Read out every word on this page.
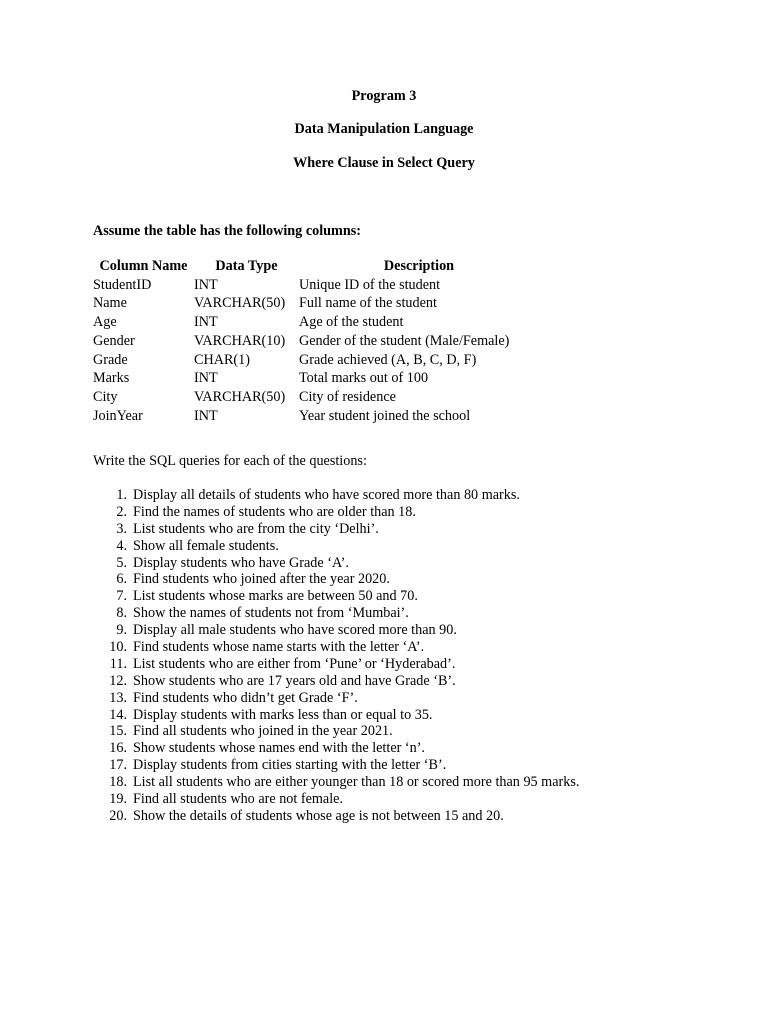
Program 3
Data Manipulation Language
Where Clause in Select Query
Assume the table has the following columns:
Column Name	Data Type	Description
StudentID	INT	Unique ID of the student
Name	VARCHAR(50)	Full name of the student
Age	INT	Age of the student
Gender	VARCHAR(10)	Gender of the student (Male/Female)
Grade	CHAR(1)	Grade achieved (A, B, C, D, F)
Marks	INT	Total marks out of 100
City	VARCHAR(50)	City of residence
JoinYear	INT	Year student joined the school
Write the SQL queries for each of the questions:
1. Display all details of students who have scored more than 80 marks.
2. Find the names of students who are older than 18.
3. List students who are from the city ‘Delhi’.
4. Show all female students.
5. Display students who have Grade ‘A’.
6. Find students who joined after the year 2020.
7. List students whose marks are between 50 and 70.
8. Show the names of students not from ‘Mumbai’.
9. Display all male students who have scored more than 90.
10. Find students whose name starts with the letter ‘A’.
11. List students who are either from ‘Pune’ or ‘Hyderabad’.
12. Show students who are 17 years old and have Grade ‘B’.
13. Find students who didn’t get Grade ‘F’.
14. Display students with marks less than or equal to 35.
15. Find all students who joined in the year 2021.
16. Show students whose names end with the letter ‘n’.
17. Display students from cities starting with the letter ‘B’.
18. List all students who are either younger than 18 or scored more than 95 marks.
19. Find all students who are not female.
20. Show the details of students whose age is not between 15 and 20.
